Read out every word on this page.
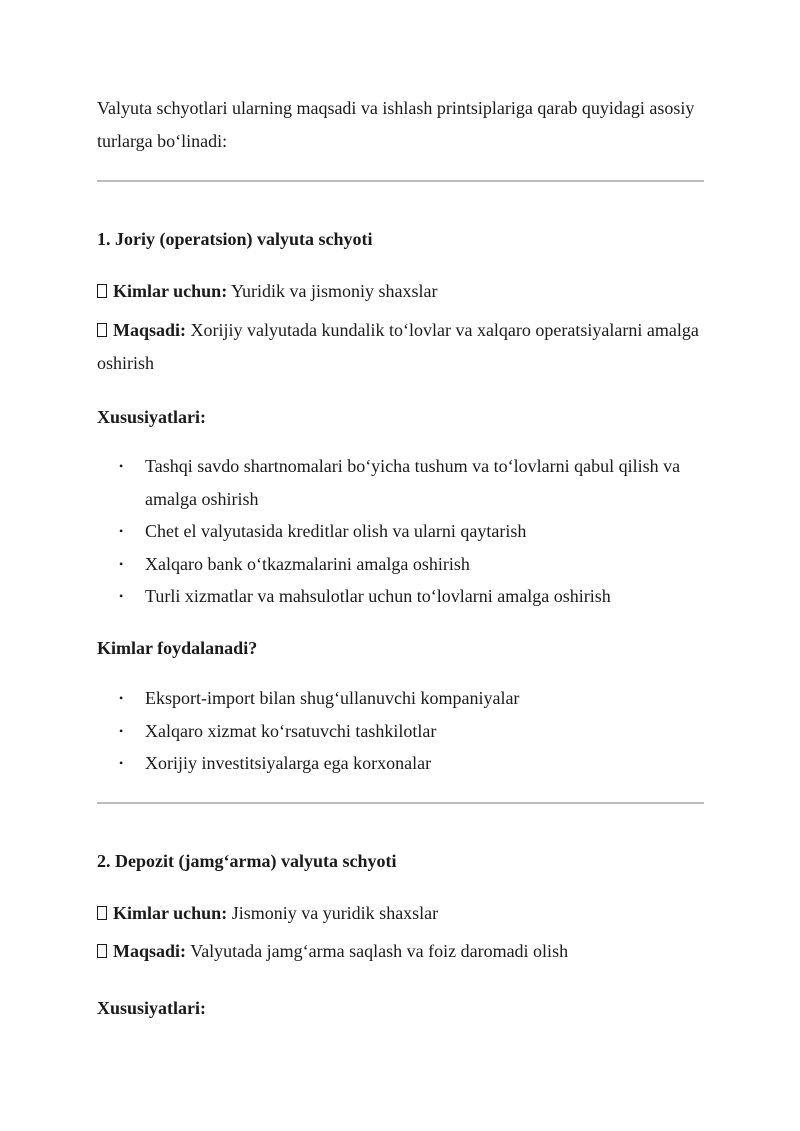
Valyuta schyotlari ularning maqsadi va ishlash printsiplariga qarab quyidagi asosiy turlarga bo‘linadi:

1. Joriy (operatsion) valyuta schyoti

Kimlar uchun: Yuridik va jismoniy shaxslar

Maqsadi: Xorijiy valyutada kundalik to‘lovlar va xalqaro operatsiyalarni amalga oshirish

Xususiyatlari:
• Tashqi savdo shartnomalari bo‘yicha tushum va to‘lovlarni qabul qilish va amalga oshirish
• Chet el valyutasida kreditlar olish va ularni qaytarish
• Xalqaro bank o‘tkazmalarini amalga oshirish
• Turli xizmatlar va mahsulotlar uchun to‘lovlarni amalga oshirish
Kimlar foydalanadi?
• Eksport-import bilan shug‘ullanuvchi kompaniyalar
• Xalqaro xizmat ko‘rsatuvchi tashkilotlar
• Xorijiy investitsiyalarga ega korxonalar
2. Depozit (jamg‘arma) valyuta schyoti

Kimlar uchun: Jismoniy va yuridik shaxslar

Maqsadi: Valyutada jamg‘arma saqlash va foiz daromadi olish

Xususiyatlari:
